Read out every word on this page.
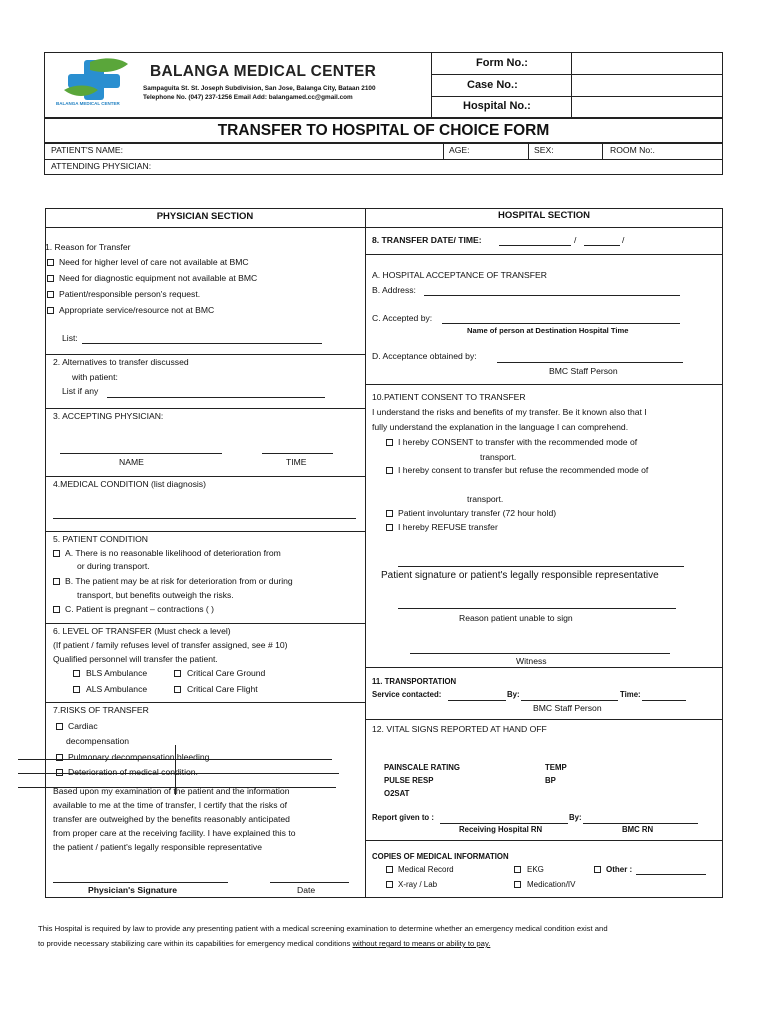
BALANGA MEDICAL CENTER
BALANGA MEDICAL CENTER
Sampaguita St. St. Joseph Subdivision, San Jose, Balanga City, Bataan 2100
Telephone No. (047) 237-1256 Email Add: balangamed.cc@gmail.com
Form No.:
Case No.:
Hospital No.:
TRANSFER TO HOSPITAL OF CHOICE FORM
PATIENT'S NAME:	AGE:	SEX:	ROOM No:.
ATTENDING PHYSICIAN:
PHYSICIAN SECTION	HOSPITAL SECTION
1. Reason for Transfer
Need for higher level of care not available at BMC
Need for diagnostic equipment not available at BMC
Patient/responsible person's request.
Appropriate service/resource not at BMC
List:
2. Alternatives to transfer discussed
with patient:
List if any
3. ACCEPTING PHYSICIAN:
NAME	TIME
4.MEDICAL CONDITION (list diagnosis)
5. PATIENT CONDITION
A. There is no reasonable likelihood of deterioration from
or during transport.
B. The patient may be at risk for deterioration from or during
transport, but benefits outweigh the risks.
C. Patient is pregnant – contractions ( )
6. LEVEL OF TRANSFER (Must check a level)
(If patient / family refuses level of transfer assigned, see # 10)
Qualified personnel will transfer the patient.
BLS Ambulance	Critical Care Ground
ALS Ambulance	Critical Care Flight
7.RISKS OF TRANSFER
Cardiac
decompensation
Pulmonary decompensation bleeding
Deterioration of medical condition.
Based upon my examination of the patient and the information
available to me at the time of transfer, I certify that the risks of
transfer are outweighed by the benefits reasonably anticipated
from proper care at the receiving facility. I have explained this to
the patient / patient's legally responsible representative
Physician's Signature	Date
8. TRANSFER DATE/ TIME:	/	/
A. HOSPITAL ACCEPTANCE OF TRANSFER
B. Address:
C. Accepted by:
Name of person at Destination Hospital Time
D. Acceptance obtained by:
BMC Staff Person
10.PATIENT CONSENT TO TRANSFER
I understand the risks and benefits of my transfer. Be it known also that I
fully understand the explanation in the language I can comprehend.
I hereby CONSENT to transfer with the recommended mode of
transport.
I hereby consent to transfer but refuse the recommended mode of
transport.
Patient involuntary transfer (72 hour hold)
I hereby REFUSE transfer
Patient signature or patient's legally responsible representative
Reason patient unable to sign
Witness
11. TRANSPORTATION
Service contacted:	By:	Time:
BMC Staff Person
12. VITAL SIGNS REPORTED AT HAND OFF
PAINSCALE RATING	TEMP
PULSE RESP	BP
O2SAT
Report given to :	By:
Receiving Hospital RN	BMC RN
COPIES OF MEDICAL INFORMATION
Medical Record	EKG	Other :
X-ray / Lab	Medication/IV
This Hospital is required by law to provide any presenting patient with a medical screening examination to determine whether an emergency medical condition exist and
to provide necessary stabilizing care within its capabilities for emergency medical conditions without regard to means or ability to pay.
